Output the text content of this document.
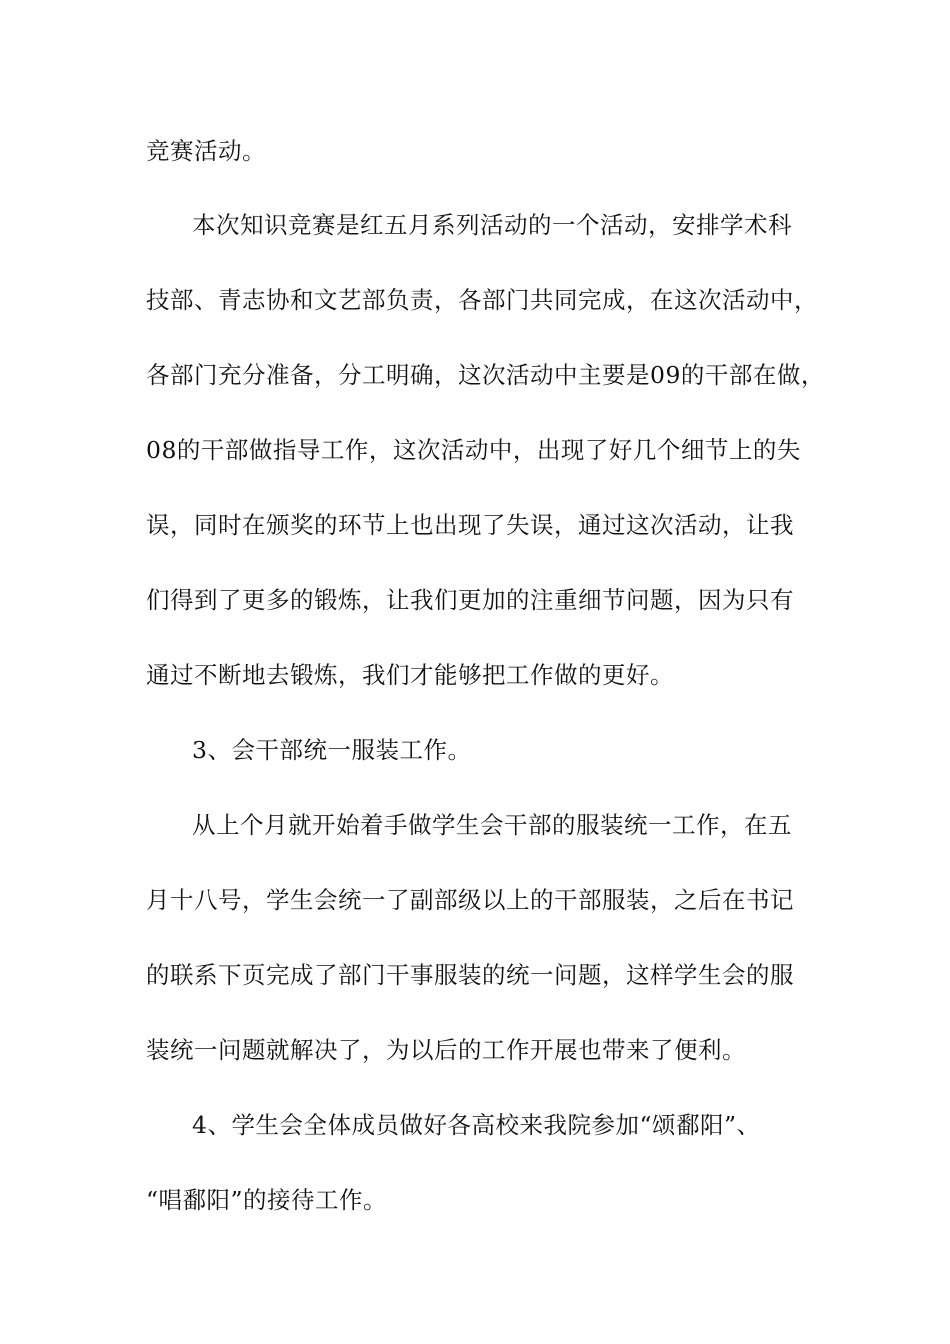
竞赛活动。
本次知识竞赛是红五月系列活动的一个活动，安排学术科
技部、青志协和文艺部负责，各部门共同完成，在这次活动中，
各部门充分准备，分工明确，这次活动中主要是09的干部在做，
08的干部做指导工作，这次活动中，出现了好几个细节上的失
误，同时在颁奖的环节上也出现了失误，通过这次活动，让我
们得到了更多的锻炼，让我们更加的注重细节问题，因为只有
通过不断地去锻炼，我们才能够把工作做的更好。
3、会干部统一服装工作。
从上个月就开始着手做学生会干部的服装统一工作，在五
月十八号，学生会统一了副部级以上的干部服装，之后在书记
的联系下页完成了部门干事服装的统一问题，这样学生会的服
装统一问题就解决了，为以后的工作开展也带来了便利。
4、学生会全体成员做好各高校来我院参加“颂鄱阳”、
“唱鄱阳”的接待工作。
